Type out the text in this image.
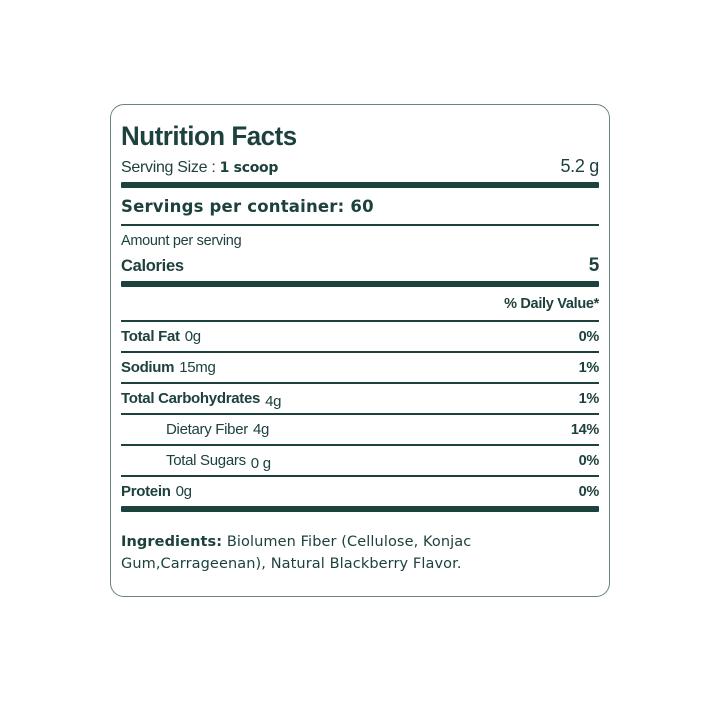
Nutrition Facts
Serving Size : 1 scoop	5.2 g
Servings per container: 60
Amount per serving
Calories	5
% Daily Value*
Total Fat 0g	0%
Sodium 15mg	1%
Total Carbohydrates 4g	1%
Dietary Fiber 4g	14%
Total Sugars 0 g	0%
Protein 0g	0%
Ingredients: Biolumen Fiber (Cellulose, Konjac Gum,Carrageenan), Natural Blackberry Flavor.
